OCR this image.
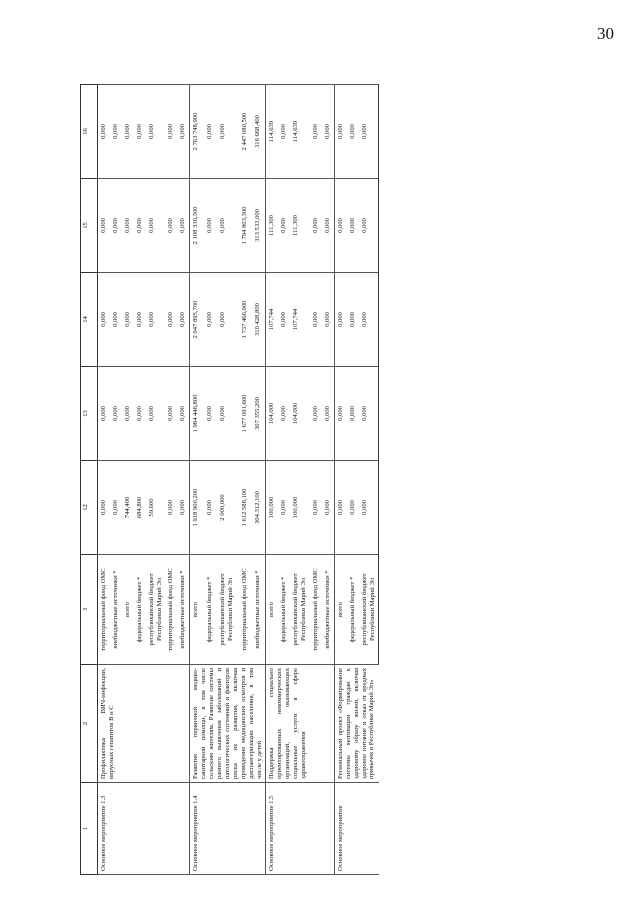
30
1	2	3	12	13	14	15	16
Основное мероприятие 1.3	Профилактика ВИЧ-инфекции, вирусных гепатитов В и С	территориальный фонд ОМС	0,000	0,000	0,000	0,000	0,000
		внебюджетные источники *	0,000	0,000	0,000	0,000	0,000
		всего	744,400	0,000	0,000	0,000	0,000
		федеральный бюджет *	684,800	0,000	0,000	0,000	0,000
		республиканский бюджет Республики Марий Эл	59,600	0,000	0,000	0,000	0,000
		территориальный фонд ОМС	0,000	0,000	0,000	0,000	0,000
		внебюджетные источники *	0,000	0,000	0,000	0,000	0,000
Основное мероприятие 1.4	Развитие первичной медико-санитарной помощи, в том числе сельским жителям. Развитие системы раннего выявления заболеваний и патологических состояний и факторов риска их развития, включая проведение медицинских осмотров и диспансеризации населения, в том числе у детей	всего	1 918 900,200	1 984 446,800	2 047 895,700	2 108 336,300	2 763 748,900
		федеральный бюджет *	0,000	0,000	0,000	0,000	0,000
		республиканский бюджет Республики Марий Эл	2 000,000	0,000	0,000	0,000	0,000
		территориальный фонд ОМС	1 612 588,100	1 677 091,600	1 737 466,900	1 794 803,300	2 447 080,500
		внебюджетные источники *	304 312,100	307 355,200	310 428,800	313 533,000	316 668,400
Основное мероприятие 1.5	Поддержка социально ориентированных некоммерческих организаций, оказывающих социальные услуги в сфере здравоохранения	всего	100,000	104,000	107,744	111,300	114,639
		федеральный бюджет *	0,000	0,000	0,000	0,000	0,000
		республиканский бюджет Республики Марий Эл	100,000	104,000	107,744	111,300	114,639
		территориальный фонд ОМС	0,000	0,000	0,000	0,000	0,000
		внебюджетные источники *	0,000	0,000	0,000	0,000	0,000
Основное мероприятие	Региональный проект «Формирование системы мотивации граждан к здоровому образу жизни, включая здоровое питание и отказ от вредных привычек в Республике Марий Эл»	всего	0,000	0,000	0,000	0,000	0,000
		федеральный бюджет *	0,000	0,000	0,000	0,000	0,000
		республиканский бюджет Республики Марий Эл	0,000	0,000	0,000	0,000	0,000
